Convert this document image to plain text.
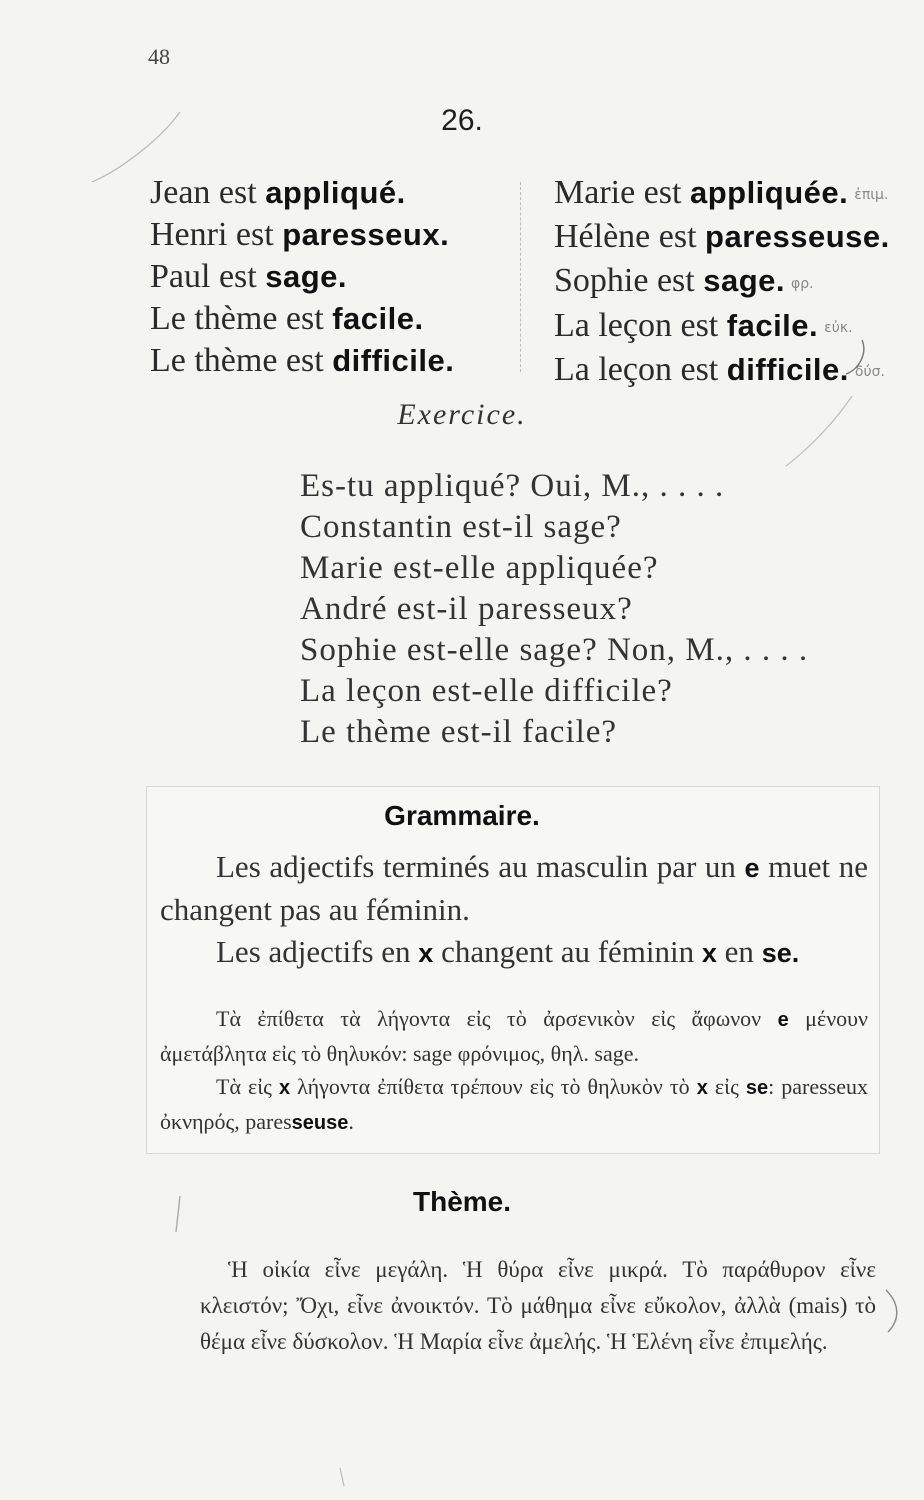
48
26.
Jean est appliqué.
Henri est paresseux.
Paul est sage.
Le thème est facile.
Le thème est difficile.
Marie est appliquée. ἐπιμ.
Hélène est paresseuse.
Sophie est sage. φρ.
La leçon est facile. εὐκ.
La leçon est difficile. δύσ.
Exercice.
Es-tu appliqué? Oui, M., . . . .
Constantin est-il sage?
Marie est-elle appliquée?
André est-il paresseux?
Sophie est-elle sage? Non, M., . . . .
La leçon est-elle difficile?
Le thème est-il facile?
Grammaire.

Les adjectifs terminés au masculin par un e muet ne changent pas au féminin.

Les adjectifs en x changent au féminin x en se.

Τὰ ἐπίθετα τὰ λήγοντα εἰς τὸ ἀρσενικὸν εἰς ἄφωνον e μένουν ἀμετάβλητα εἰς τὸ θηλυκόν: sage φρόνιμος, θηλ. sage.

Τὰ εἰς x λήγοντα ἐπίθετα τρέπουν εἰς τὸ θηλυκὸν τὸ x εἰς se: paresseux ὀκνηρός, paresseuse.

Thème.

Ἡ οἰκία εἶνε μεγάλη. Ἡ θύρα εἶνε μικρά. Τὸ παράθυρον εἶνε κλειστόν; Ὄχι, εἶνε ἀνοικτόν. Τὸ μάθημα εἶνε εὔκολον, ἀλλὰ (mais) τὸ θέμα εἶνε δύσκολον. Ἡ Μαρία εἶνε ἀμελής. Ἡ Ἑλένη εἶνε ἐπιμελής.
